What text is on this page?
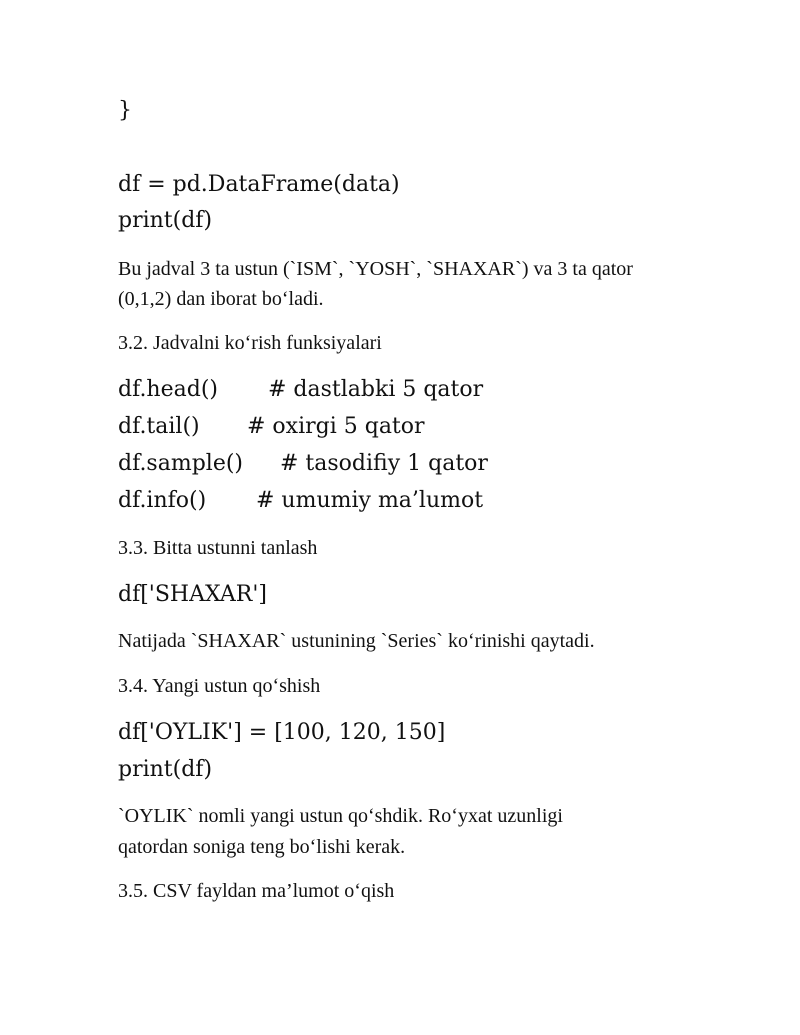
}
df = pd.DataFrame(data)
print(df)
Bu jadval 3 ta ustun (`ISM`, `YOSH`, `SHAXAR`) va 3 ta qator
(0,1,2) dan iborat bo‘ladi.
3.2. Jadvalni ko‘rish funksiyalari
df.head() # dastlabki 5 qator
df.tail() # oxirgi 5 qator
df.sample() # tasodifiy 1 qator
df.info() # umumiy ma’lumot
3.3. Bitta ustunni tanlash
df['SHAXAR']
Natijada `SHAXAR` ustunining `Series` ko‘rinishi qaytadi.
3.4. Yangi ustun qo‘shish
df['OYLIK'] = [100, 120, 150]
print(df)
`OYLIK` nomli yangi ustun qo‘shdik. Ro‘yxat uzunligi
qatordan soniga teng bo‘lishi kerak.
3.5. CSV fayldan ma’lumot o‘qish
